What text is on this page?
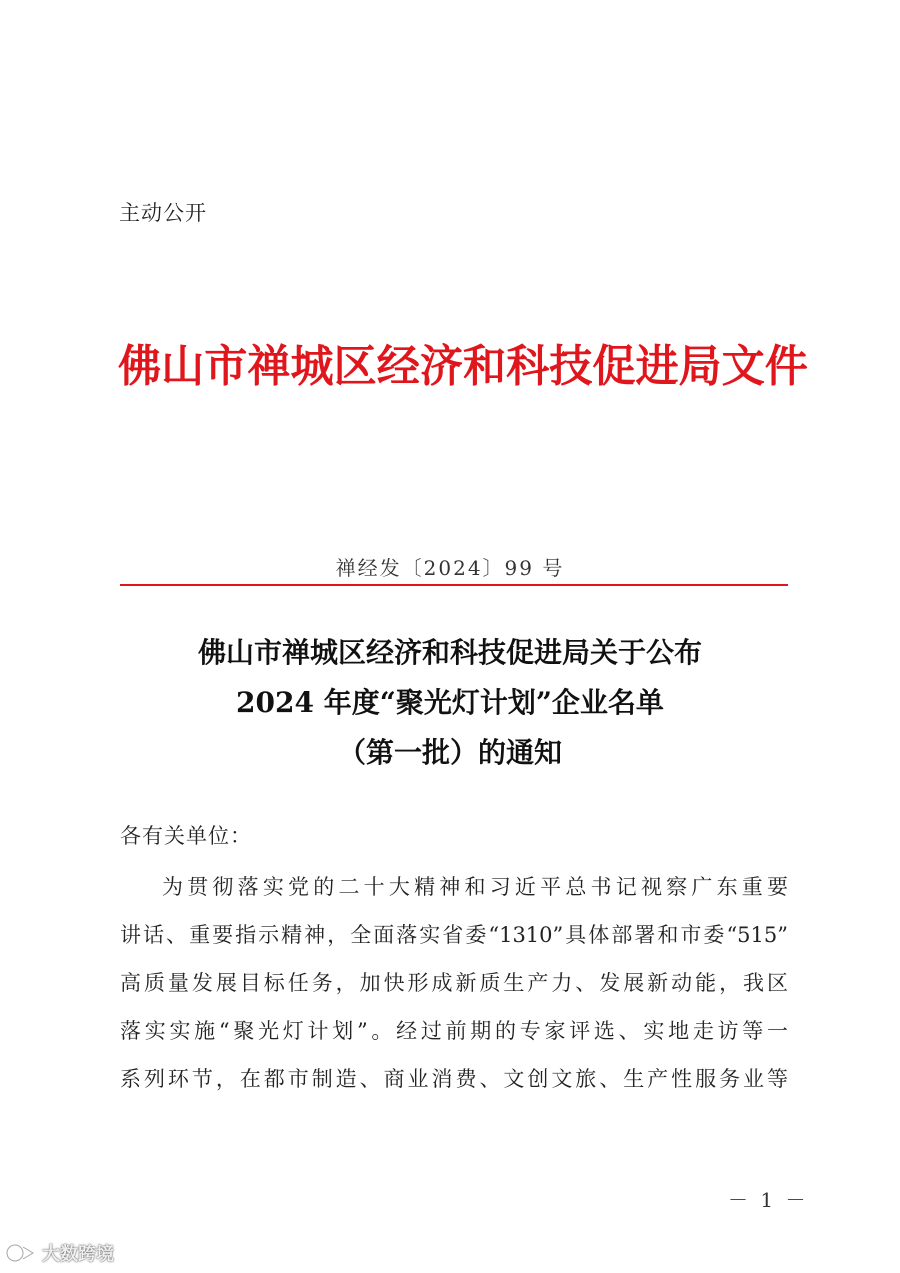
主动公开
佛山市禅城区经济和科技促进局文件
禅经发〔2024〕99 号
佛山市禅城区经济和科技促进局关于公布
2024 年度“聚光灯计划”企业名单
（第一批）的通知
各有关单位：
为贯彻落实党的二十大精神和习近平总书记视察广东重要
讲话、重要指示精神，全面落实省委“1310”具体部署和市委“515”
高质量发展目标任务，加快形成新质生产力、发展新动能，我区
落实实施“聚光灯计划”。经过前期的专家评选、实地走访等一
系列环节，在都市制造、商业消费、文创文旅、生产性服务业等
－ 1 －
大数跨境
